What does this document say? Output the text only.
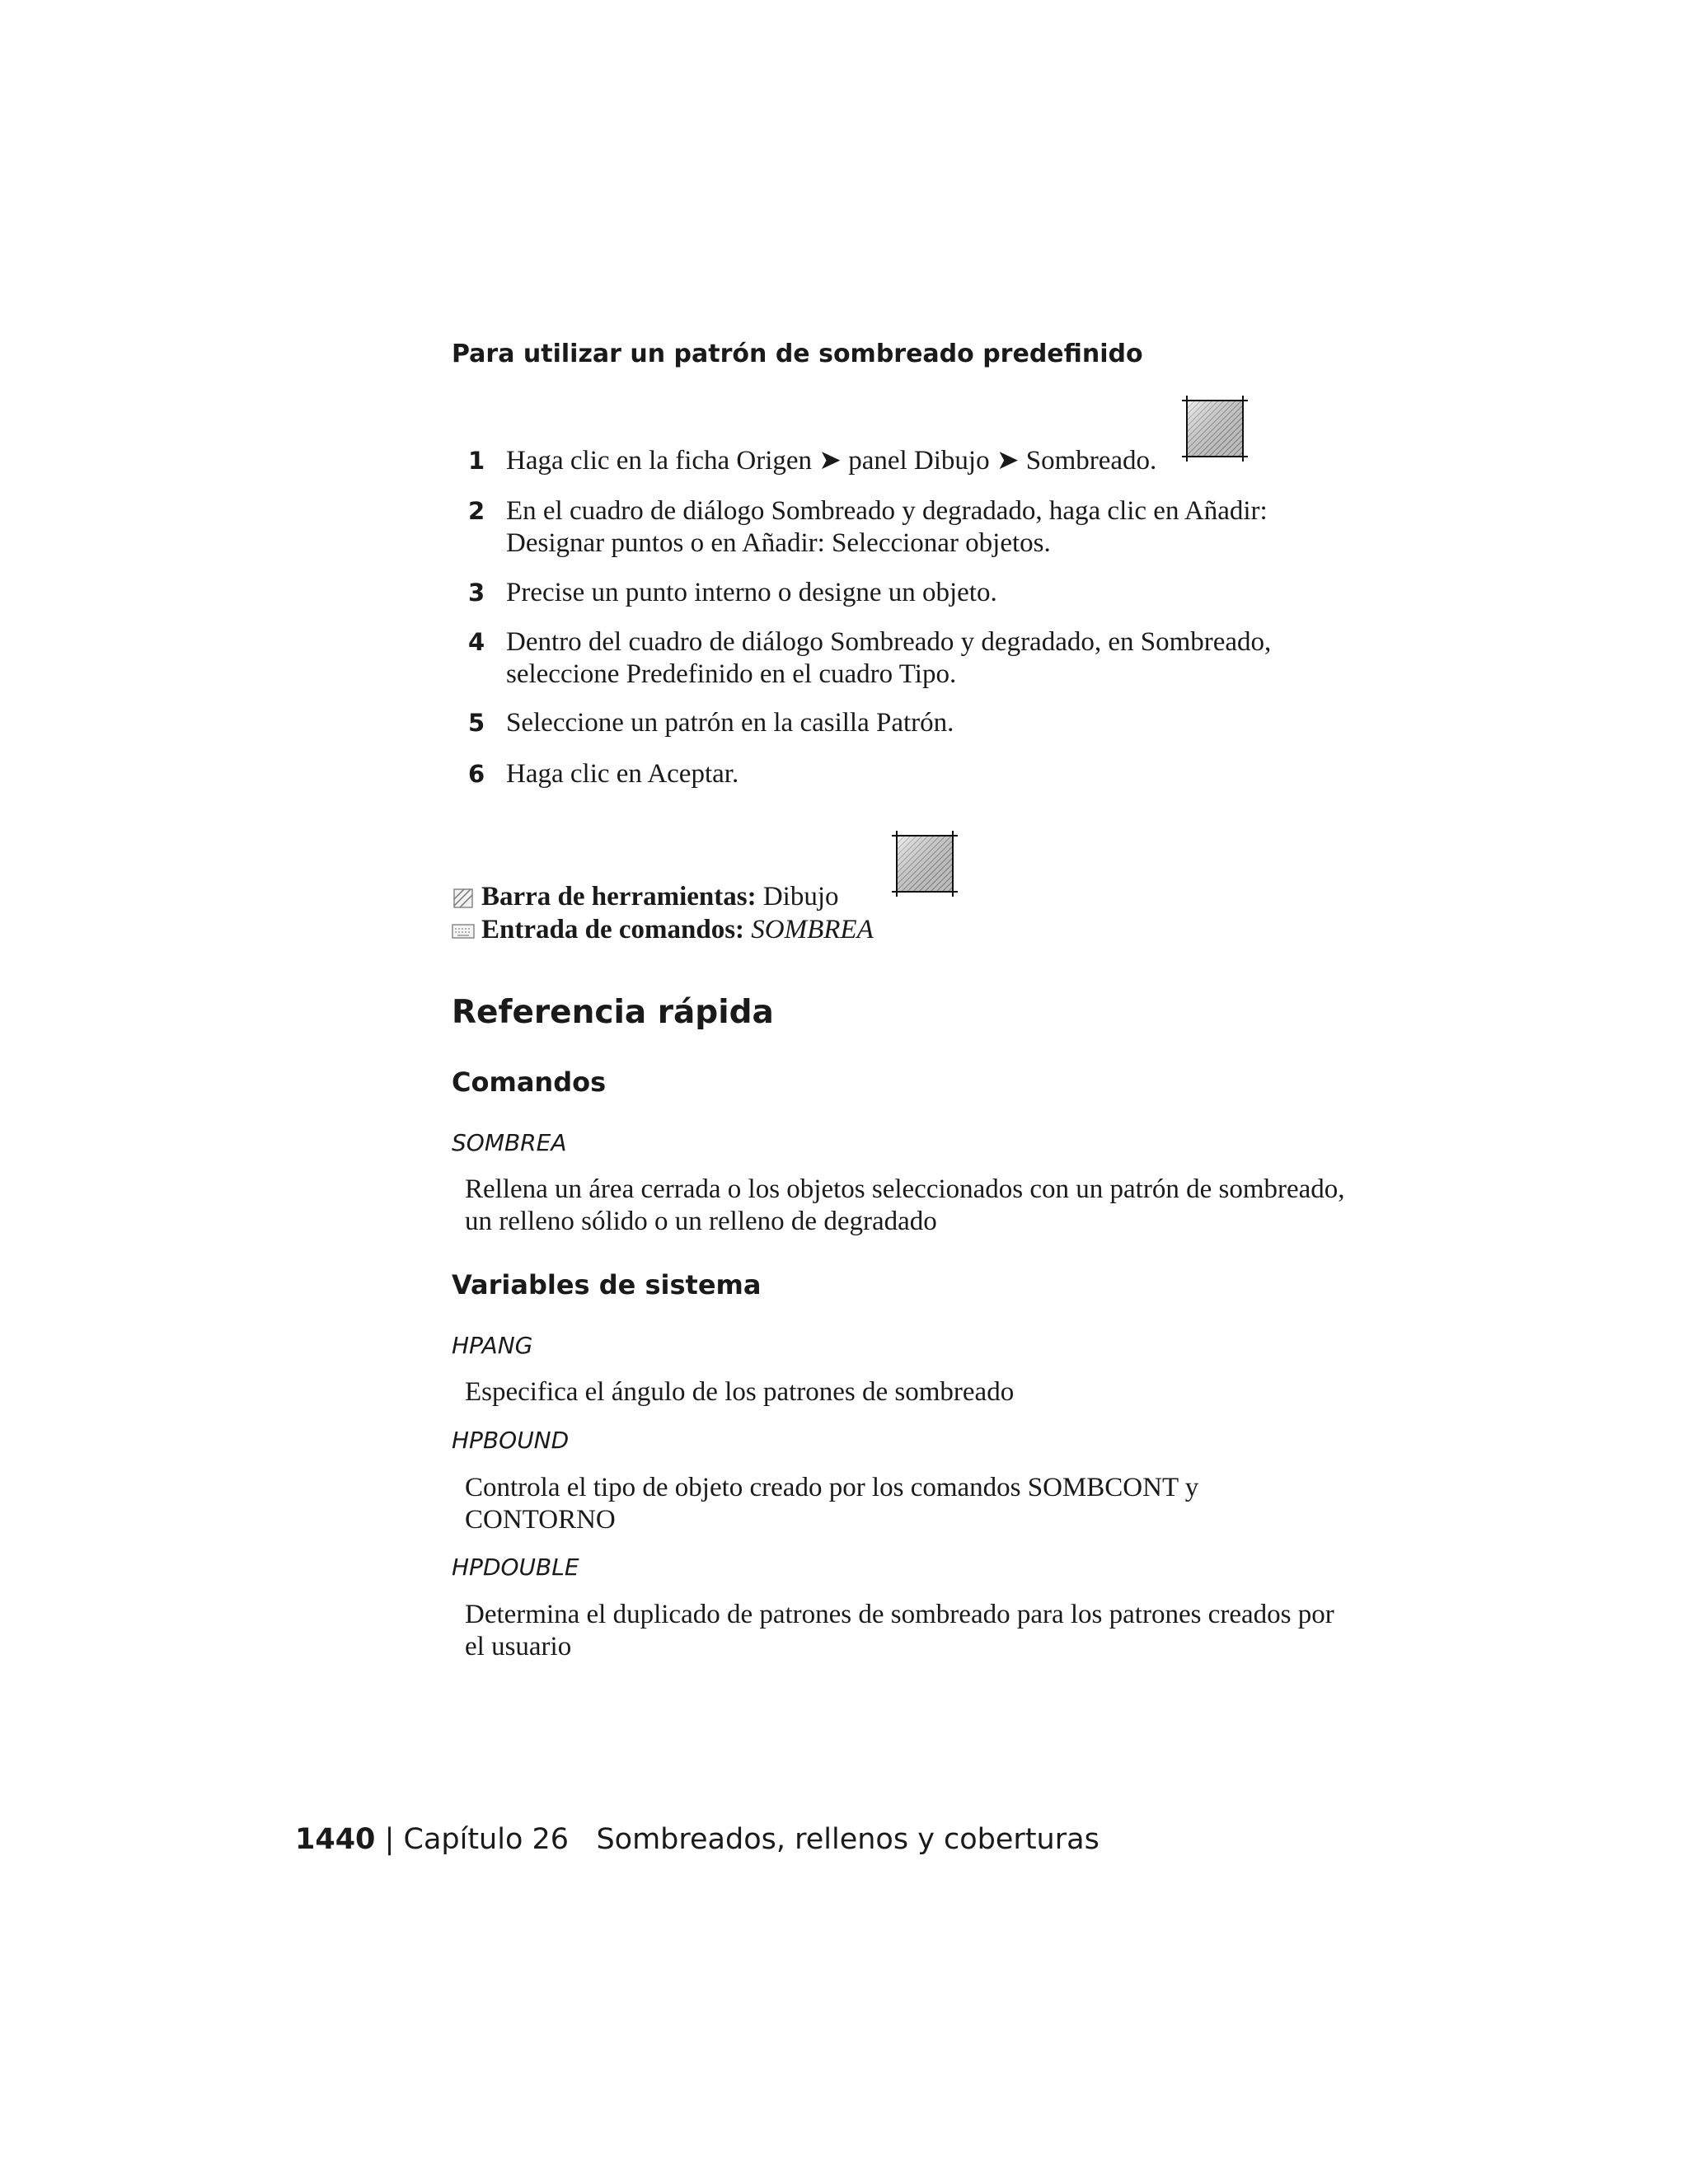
Para utilizar un patrón de sombreado predefinido
1 Haga clic en la ficha Origen ➤ panel Dibujo ➤ Sombreado.
2 En el cuadro de diálogo Sombreado y degradado, haga clic en Añadir: Designar puntos o en Añadir: Seleccionar objetos.
3 Precise un punto interno o designe un objeto.
4 Dentro del cuadro de diálogo Sombreado y degradado, en Sombreado, seleccione Predefinido en el cuadro Tipo.
5 Seleccione un patrón en la casilla Patrón.
6 Haga clic en Aceptar.
Barra de herramientas: Dibujo
Entrada de comandos: SOMBREA
Referencia rápida
Comandos
SOMBREA
Rellena un área cerrada o los objetos seleccionados con un patrón de sombreado, un relleno sólido o un relleno de degradado
Variables de sistema
HPANG
Especifica el ángulo de los patrones de sombreado
HPBOUND
Controla el tipo de objeto creado por los comandos SOMBCONT y CONTORNO
HPDOUBLE
Determina el duplicado de patrones de sombreado para los patrones creados por el usuario
1440 | Capítulo 26 Sombreados, rellenos y coberturas
